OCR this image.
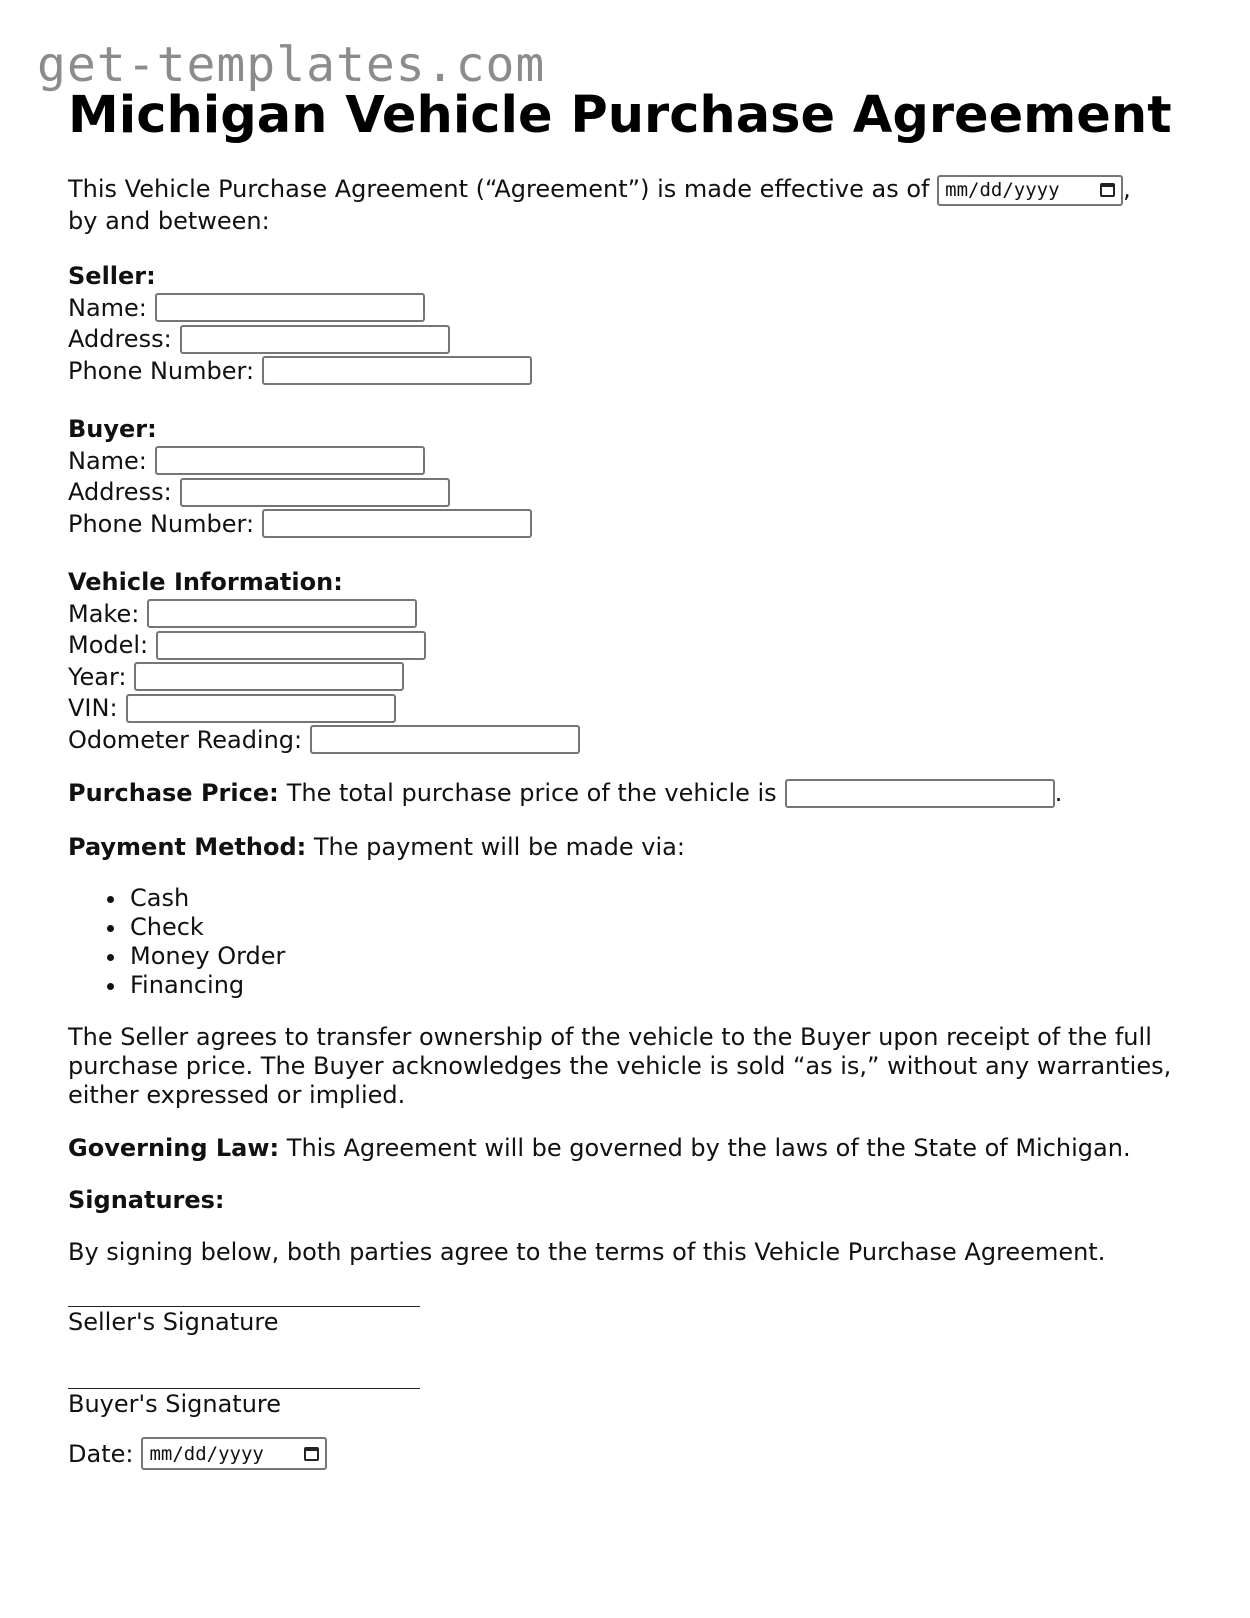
get-templates.com
Michigan Vehicle Purchase Agreement

This Vehicle Purchase Agreement (“Agreement”) is made effective as of mm/dd/yyyy	,
by and between:

Seller:
Name:
Address:
Phone Number:
Buyer:
Name:
Address:
Phone Number:
Vehicle Information:
Make:
Model:
Year:
VIN:
Odometer Reading:
Purchase Price: The total purchase price of the vehicle is	.

Payment Method: The payment will be made via:

• Cash
• Check
• Money Order
• Financing

The Seller agrees to transfer ownership of the vehicle to the Buyer upon receipt of the full purchase price. The Buyer acknowledges the vehicle is sold “as is,” without any warranties, either expressed or implied.

Governing Law: This Agreement will be governed by the laws of the State of Michigan.

Signatures:

By signing below, both parties agree to the terms of this Vehicle Purchase Agreement.

Seller's Signature
Buyer's Signature
Date: mm/dd/yyyy
